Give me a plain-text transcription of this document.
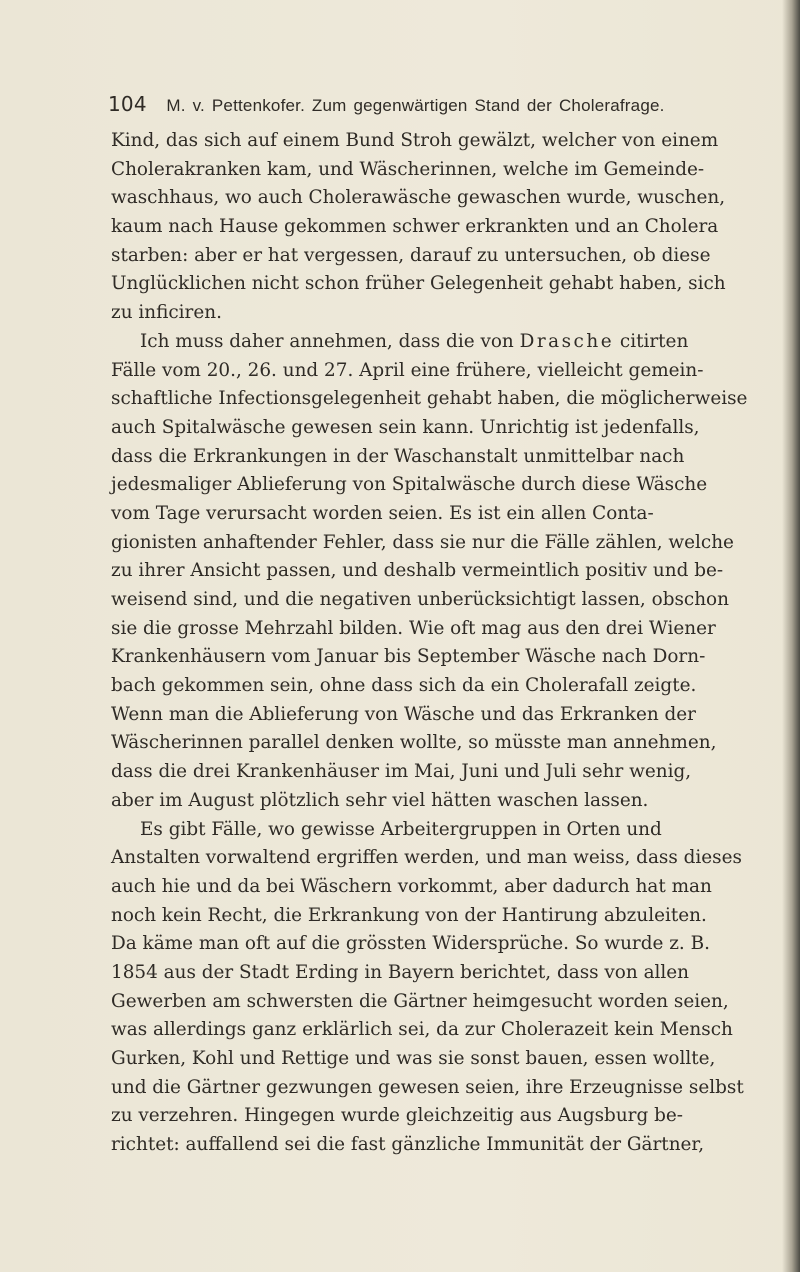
104 M. v. Pettenkofer. Zum gegenwärtigen Stand der Cholerafrage.
Kind, das sich auf einem Bund Stroh gewälzt, welcher von einem
Cholerakranken kam, und Wäscherinnen, welche im Gemeinde-
waschhaus, wo auch Cholerawäsche gewaschen wurde, wuschen,
kaum nach Hause gekommen schwer erkrankten und an Cholera
starben: aber er hat vergessen, darauf zu untersuchen, ob diese
Unglücklichen nicht schon früher Gelegenheit gehabt haben, sich
zu inficiren.
Ich muss daher annehmen, dass die von Drasche citirten
Fälle vom 20., 26. und 27. April eine frühere, vielleicht gemein-
schaftliche Infectionsgelegenheit gehabt haben, die möglicherweise
auch Spitalwäsche gewesen sein kann. Unrichtig ist jedenfalls,
dass die Erkrankungen in der Waschanstalt unmittelbar nach
jedesmaliger Ablieferung von Spitalwäsche durch diese Wäsche
vom Tage verursacht worden seien. Es ist ein allen Conta-
gionisten anhaftender Fehler, dass sie nur die Fälle zählen, welche
zu ihrer Ansicht passen, und deshalb vermeintlich positiv und be-
weisend sind, und die negativen unberücksichtigt lassen, obschon
sie die grosse Mehrzahl bilden. Wie oft mag aus den drei Wiener
Krankenhäusern vom Januar bis September Wäsche nach Dorn-
bach gekommen sein, ohne dass sich da ein Cholerafall zeigte.
Wenn man die Ablieferung von Wäsche und das Erkranken der
Wäscherinnen parallel denken wollte, so müsste man annehmen,
dass die drei Krankenhäuser im Mai, Juni und Juli sehr wenig,
aber im August plötzlich sehr viel hätten waschen lassen.
Es gibt Fälle, wo gewisse Arbeitergruppen in Orten und
Anstalten vorwaltend ergriffen werden, und man weiss, dass dieses
auch hie und da bei Wäschern vorkommt, aber dadurch hat man
noch kein Recht, die Erkrankung von der Hantirung abzuleiten.
Da käme man oft auf die grössten Widersprüche. So wurde z. B.
1854 aus der Stadt Erding in Bayern berichtet, dass von allen
Gewerben am schwersten die Gärtner heimgesucht worden seien,
was allerdings ganz erklärlich sei, da zur Cholerazeit kein Mensch
Gurken, Kohl und Rettige und was sie sonst bauen, essen wollte,
und die Gärtner gezwungen gewesen seien, ihre Erzeugnisse selbst
zu verzehren. Hingegen wurde gleichzeitig aus Augsburg be-
richtet: auffallend sei die fast gänzliche Immunität der Gärtner,
